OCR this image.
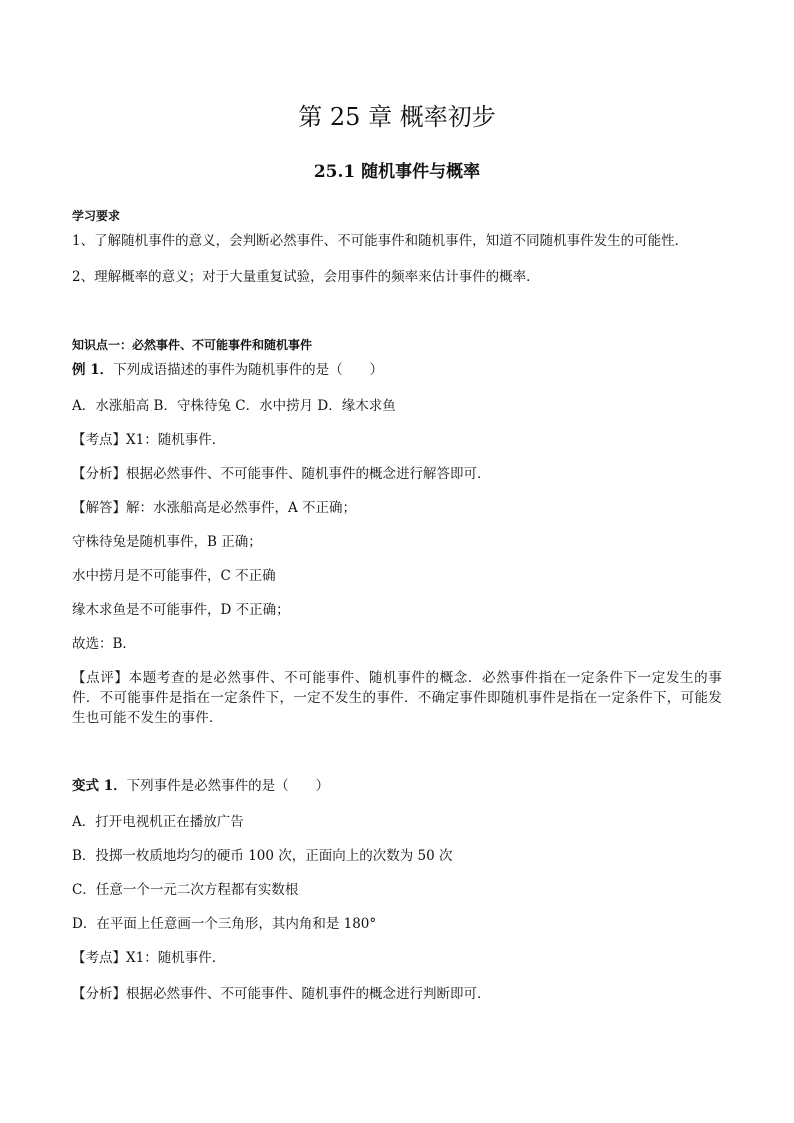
第 25 章 概率初步
25.1 随机事件与概率
学习要求
1、了解随机事件的意义，会判断必然事件、不可能事件和随机事件，知道不同随机事件发生的可能性．
2、理解概率的意义；对于大量重复试验，会用事件的频率来估计事件的概率．
知识点一：必然事件、不可能事件和随机事件
例 1．下列成语描述的事件为随机事件的是（　　）
A．水涨船高 B．守株待兔 C．水中捞月 D．缘木求鱼
【考点】X1：随机事件．
【分析】根据必然事件、不可能事件、随机事件的概念进行解答即可．
【解答】解：水涨船高是必然事件，A 不正确；
守株待兔是随机事件，B 正确；
水中捞月是不可能事件，C 不正确
缘木求鱼是不可能事件，D 不正确；
故选：B．
【点评】本题考查的是必然事件、不可能事件、随机事件的概念．必然事件指在一定条件下一定发生的事件．不可能事件是指在一定条件下，一定不发生的事件．不确定事件即随机事件是指在一定条件下，可能发生也可能不发生的事件．
变式 1．下列事件是必然事件的是（　　）
A．打开电视机正在播放广告
B．投掷一枚质地均匀的硬币 100 次，正面向上的次数为 50 次
C．任意一个一元二次方程都有实数根
D．在平面上任意画一个三角形，其内角和是 180°
【考点】X1：随机事件．
【分析】根据必然事件、不可能事件、随机事件的概念进行判断即可．
